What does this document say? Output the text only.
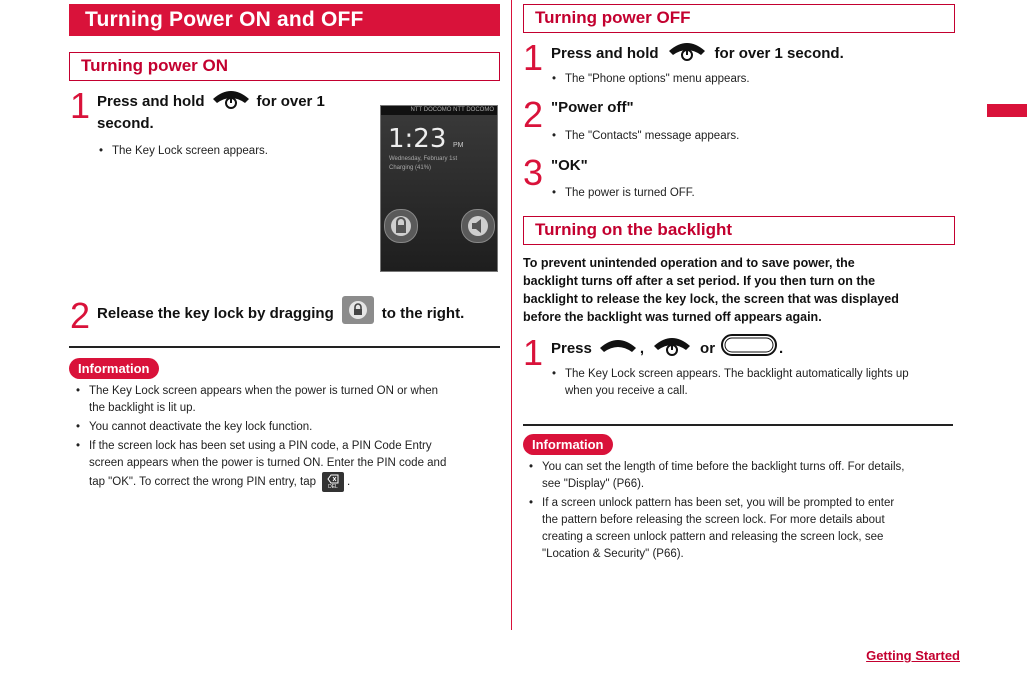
Turning Power ON and OFF
Turning power ON
1 Press and hold	for over 1
second.
• The Key Lock screen appears.
NTT DOCOMO NTT DOCOMO
1:23 PM
Wednesday, February 1st
Charging (41%)
2 Release the key lock by dragging	to the right.
Information
• The Key Lock screen appears when the power is turned ON or when
the backlight is lit up.
• You cannot deactivate the key lock function.
• If the screen lock has been set using a PIN code, a PIN Code Entry
screen appears when the power is turned ON. Enter the PIN code and
tap "OK". To correct the wrong PIN entry, tap	DEL .
Turning power OFF
1 Press and hold	for over 1 second.
• The "Phone options" menu appears.
2 "Power off"
• The "Contacts" message appears.
3 "OK"
• The power is turned OFF.
Turning on the backlight
To prevent unintended operation and to save power, the
backlight turns off after a set period. If you then turn on the
backlight to release the key lock, the screen that was displayed
before the backlight was turned off appears again.
1 Press	,	or	.
• The Key Lock screen appears. The backlight automatically lights up
when you receive a call.
Information
• You can set the length of time before the backlight turns off. For details,
see "Display" (P66).
• If a screen unlock pattern has been set, you will be prompted to enter
the pattern before releasing the screen lock. For more details about
creating a screen unlock pattern and releasing the screen lock, see
"Location & Security" (P66).
Getting Started
